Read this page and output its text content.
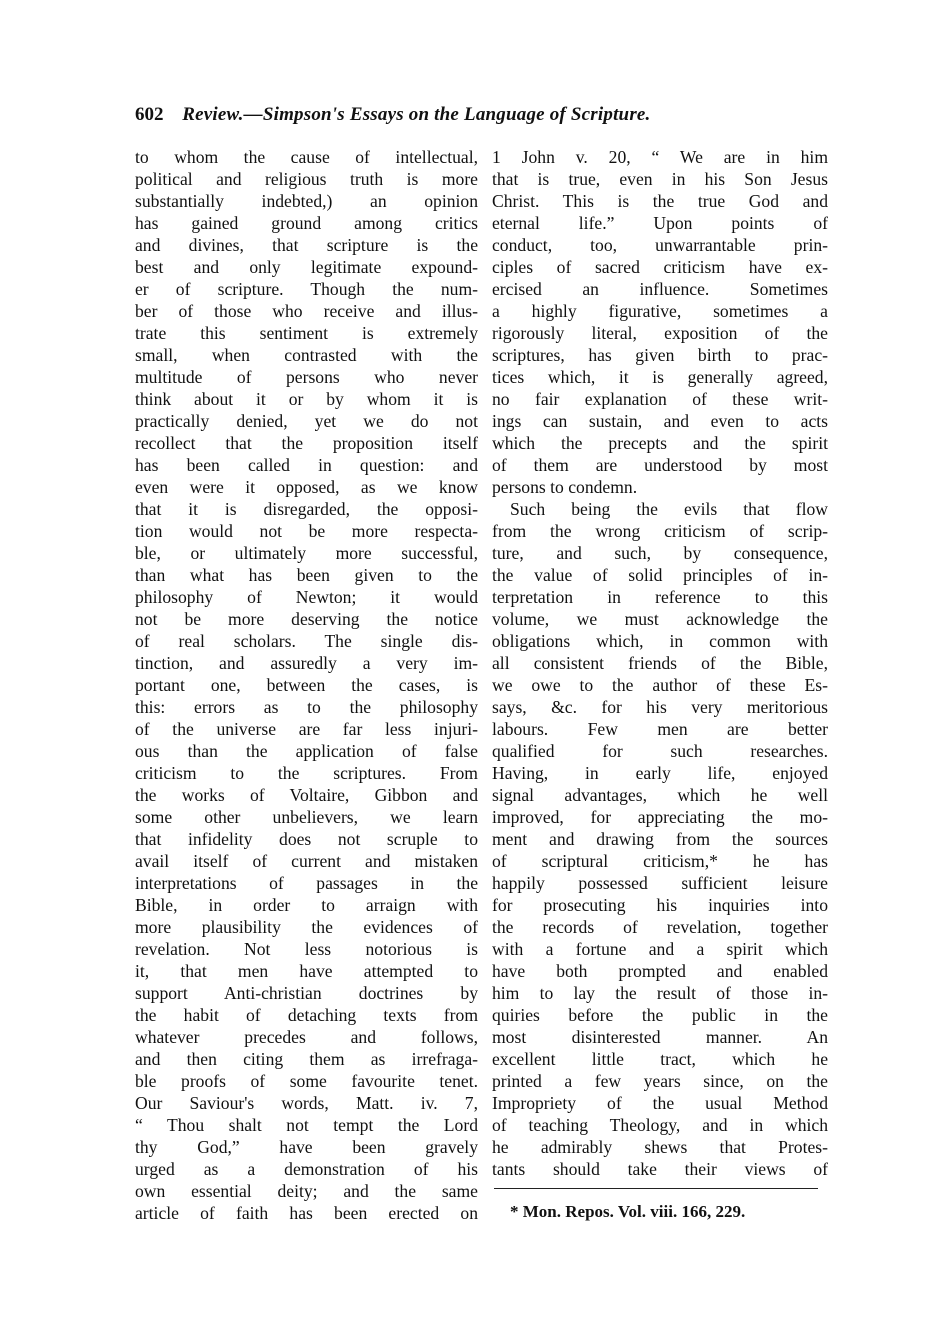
602 Review.—Simpson's Essays on the Language of Scripture.
to whom the cause of intellectual,
political and religious truth is more
substantially indebted,) an opinion
has gained ground among critics
and divines, that scripture is the
best and only legitimate expound-
er of scripture. Though the num-
ber of those who receive and illus-
trate this sentiment is extremely
small, when contrasted with the
multitude of persons who never
think about it or by whom it is
practically denied, yet we do not
recollect that the proposition itself
has been called in question: and
even were it opposed, as we know
that it is disregarded, the opposi-
tion would not be more respecta-
ble, or ultimately more successful,
than what has been given to the
philosophy of Newton; it would
not be more deserving the notice
of real scholars. The single dis-
tinction, and assuredly a very im-
portant one, between the cases, is
this: errors as to the philosophy
of the universe are far less injuri-
ous than the application of false
criticism to the scriptures. From
the works of Voltaire, Gibbon and
some other unbelievers, we learn
that infidelity does not scruple to
avail itself of current and mistaken
interpretations of passages in the
Bible, in order to arraign with
more plausibility the evidences of
revelation. Not less notorious is
it, that men have attempted to
support Anti-christian doctrines by
the habit of detaching texts from
whatever precedes and follows,
and then citing them as irrefraga-
ble proofs of some favourite tenet.
Our Saviour's words, Matt. iv. 7,
“ Thou shalt not tempt the Lord
thy God,” have been gravely
urged as a demonstration of his
own essential deity; and the same
article of faith has been erected on
1 John v. 20, “ We are in him
that is true, even in his Son Jesus
Christ. This is the true God and
eternal life.” Upon points of
conduct, too, unwarrantable prin-
ciples of sacred criticism have ex-
ercised an influence. Sometimes
a highly figurative, sometimes a
rigorously literal, exposition of the
scriptures, has given birth to prac-
tices which, it is generally agreed,
no fair explanation of these writ-
ings can sustain, and even to acts
which the precepts and the spirit
of them are understood by most
persons to condemn.
Such being the evils that flow
from the wrong criticism of scrip-
ture, and such, by consequence,
the value of solid principles of in-
terpretation in reference to this
volume, we must acknowledge the
obligations which, in common with
all consistent friends of the Bible,
we owe to the author of these Es-
says, &c. for his very meritorious
labours. Few men are better
qualified for such researches.
Having, in early life, enjoyed
signal advantages, which he well
improved, for appreciating the mo-
ment and drawing from the sources
of scriptural criticism,* he has
happily possessed sufficient leisure
for prosecuting his inquiries into
the records of revelation, together
with a fortune and a spirit which
have both prompted and enabled
him to lay the result of those in-
quiries before the public in the
most disinterested manner. An
excellent little tract, which he
printed a few years since, on the
Impropriety of the usual Method
of teaching Theology, and in which
he admirably shews that Protes-
tants should take their views of
* Mon. Repos. Vol. viii. 166, 229.
